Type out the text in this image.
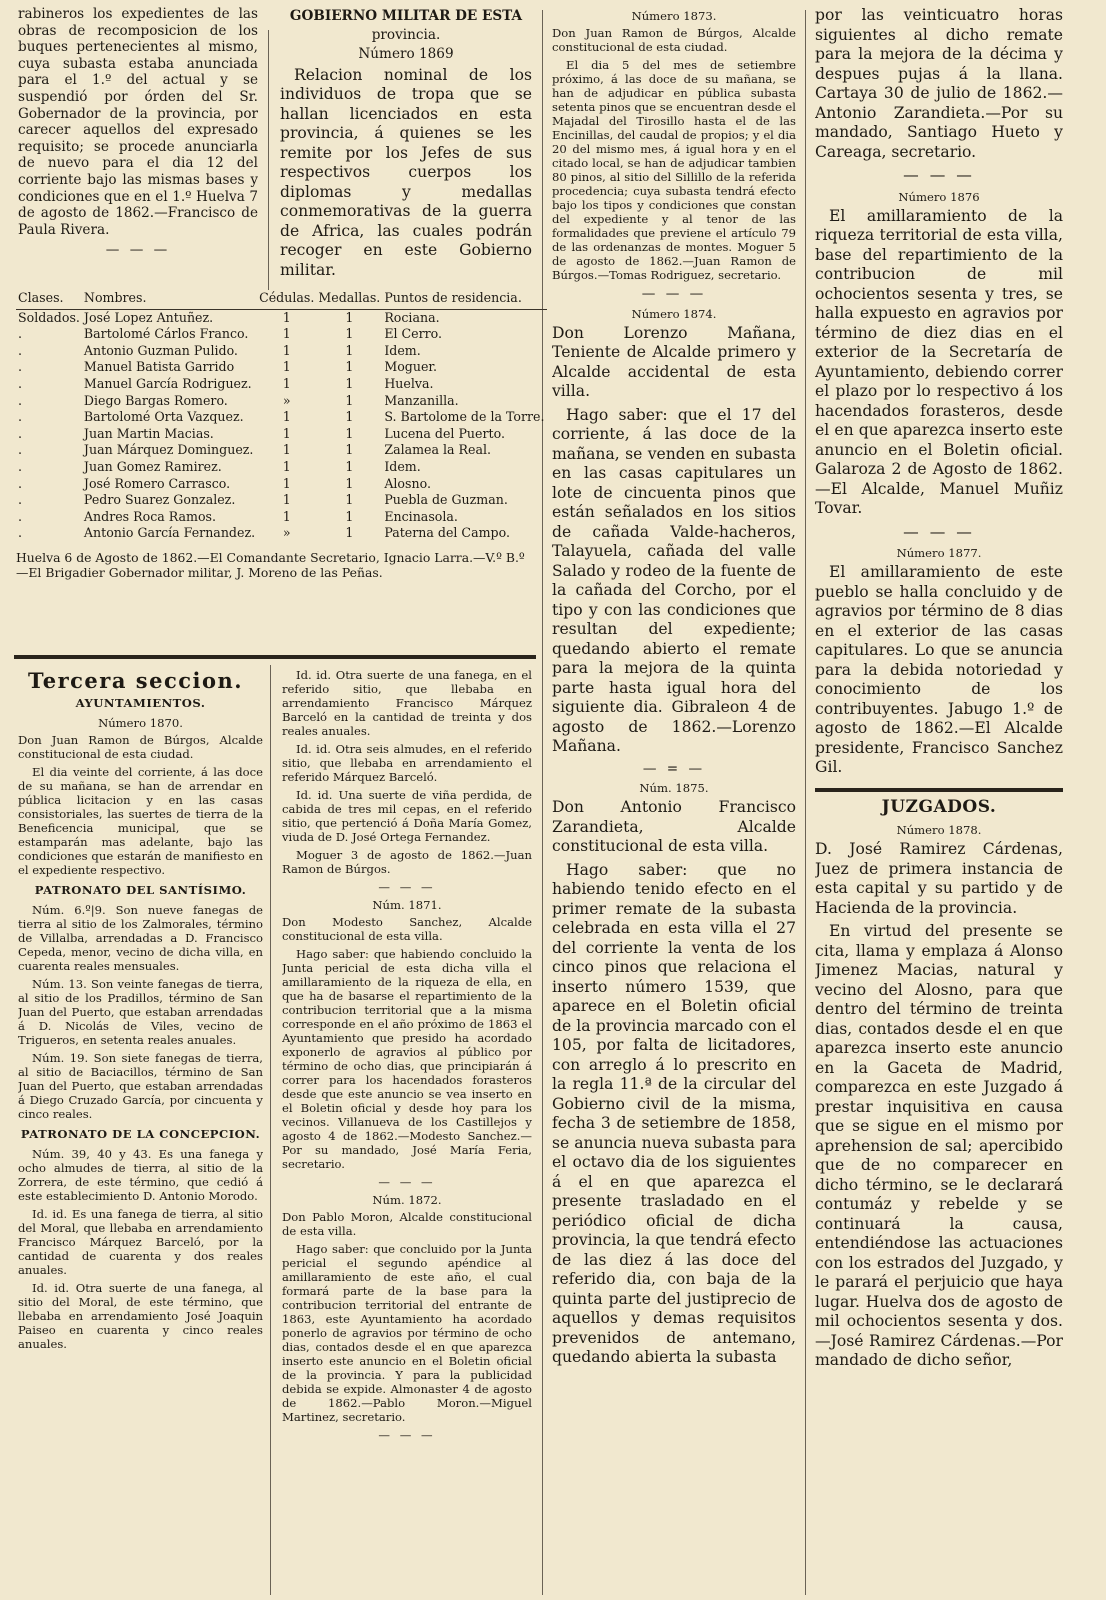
rabineros los expedientes de las obras de recomposicion de los buques pertenecientes al mismo, cuya subasta estaba anunciada para el 1.º del actual y se suspendió por órden del Sr. Gobernador de la provincia, por carecer aquellos del expresado requisito; se procede anunciarla de nuevo para el dia 12 del corriente bajo las mismas bases y condiciones que en el 1.º Huelva 7 de agosto de 1862.—Francisco de Paula Rivera.

— — —

GOBIERNO MILITAR DE ESTA
provincia.
Número 1869

Relacion nominal de los individuos de tropa que se hallan licenciados en esta provincia, á quienes se les remite por los Jefes de sus respectivos cuerpos los diplomas y medallas conmemorativas de la guerra de Africa, las cuales podrán recoger en este Gobierno militar.

Clases.	Nombres.	Cédulas.	Medallas.	Puntos de residencia.
Soldados.	José Lopez Antuñez.	1	1	Rociana.
.	Bartolomé Cárlos Franco.	1	1	El Cerro.
.	Antonio Guzman Pulido.	1	1	Idem.
.	Manuel Batista Garrido	1	1	Moguer.
.	Manuel García Rodriguez.	1	1	Huelva.
.	Diego Bargas Romero.	»	1	Manzanilla.
.	Bartolomé Orta Vazquez.	1	1	S. Bartolome de la Torre.
.	Juan Martin Macias.	1	1	Lucena del Puerto.
.	Juan Márquez Dominguez.	1	1	Zalamea la Real.
.	Juan Gomez Ramirez.	1	1	Idem.
.	José Romero Carrasco.	1	1	Alosno.
.	Pedro Suarez Gonzalez.	1	1	Puebla de Guzman.
.	Andres Roca Ramos.	1	1	Encinasola.
.	Antonio García Fernandez.	»	1	Paterna del Campo.
Huelva 6 de Agosto de 1862.—El Comandante Secretario, Ignacio Larra.—V.º B.º—El Brigadier Gobernador militar, J. Moreno de las Peñas.
Tercera seccion.
AYUNTAMIENTOS.
Número 1870.

Don Juan Ramon de Búrgos, Alcalde constitucional de esta ciudad.

El dia veinte del corriente, á las doce de su mañana, se han de arrendar en pública licitacion y en las casas consistoriales, las suertes de tierra de la Beneficencia municipal, que se estamparán mas adelante, bajo las condiciones que estarán de manifiesto en el expediente respectivo.

PATRONATO DEL SANTÍSIMO.

Núm. 6.º|9. Son nueve fanegas de tierra al sitio de los Zalmorales, término de Villalba, arrendadas a D. Francisco Cepeda, menor, vecino de dicha villa, en cuarenta reales mensuales.

Núm. 13. Son veinte fanegas de tierra, al sitio de los Pradillos, término de San Juan del Puerto, que estaban arrendadas á D. Nicolás de Viles, vecino de Trigueros, en setenta reales anuales.

Núm. 19. Son siete fanegas de tierra, al sitio de Baciacillos, término de San Juan del Puerto, que estaban arrendadas á Diego Cruzado García, por cincuenta y cinco reales.

PATRONATO DE LA CONCEPCION.

Núm. 39, 40 y 43. Es una fanega y ocho almudes de tierra, al sitio de la Zorrera, de este término, que cedió á este establecimiento D. Antonio Morodo.

Id. id. Es una fanega de tierra, al sitio del Moral, que llebaba en arrendamiento Francisco Márquez Barceló, por la cantidad de cuarenta y dos reales anuales.

Id. id. Otra suerte de una fanega, al sitio del Moral, de este término, que llebaba en arrendamiento José Joaquin Paiseo en cuarenta y cinco reales anuales.

Id. id. Otra suerte de una fanega, en el referido sitio, que llebaba en arrendamiento Francisco Márquez Barceló en la cantidad de treinta y dos reales anuales.

Id. id. Otra seis almudes, en el referido sitio, que llebaba en arrendamiento el referido Márquez Barceló.

Id. id. Una suerte de viña perdida, de cabida de tres mil cepas, en el referido sitio, que pertenció á Doña María Gomez, viuda de D. José Ortega Fernandez.

Moguer 3 de agosto de 1862.—Juan Ramon de Búrgos.

— — —

Núm. 1871.

Don Modesto Sanchez, Alcalde constitucional de esta villa.

Hago saber: que habiendo concluido la Junta pericial de esta dicha villa el amillaramiento de la riqueza de ella, en que ha de basarse el repartimiento de la contribucion territorial que a la misma corresponde en el año próximo de 1863 el Ayuntamiento que presido ha acordado exponerlo de agravios al público por término de ocho dias, que principiarán á correr para los hacendados forasteros desde que este anuncio se vea inserto en el Boletin oficial y desde hoy para los vecinos. Villanueva de los Castillejos y agosto 4 de 1862.—Modesto Sanchez.—Por su mandado, José María Feria, secretario.

— — —

Núm. 1872.

Don Pablo Moron, Alcalde constitucional de esta villa.

Hago saber: que concluido por la Junta pericial el segundo apéndice al amillaramiento de este año, el cual formará parte de la base para la contribucion territorial del entrante de 1863, este Ayuntamiento ha acordado ponerlo de agravios por término de ocho dias, contados desde el en que aparezca inserto este anuncio en el Boletin oficial de la provincia. Y para la publicidad debida se expide. Almonaster 4 de agosto de 1862.—Pablo Moron.—Miguel Martinez, secretario.

— — —

Número 1873.

Don Juan Ramon de Búrgos, Alcalde constitucional de esta ciudad.

El dia 5 del mes de setiembre próximo, á las doce de su mañana, se han de adjudicar en pública subasta setenta pinos que se encuentran desde el Majadal del Tirosillo hasta el de las Encinillas, del caudal de propios; y el dia 20 del mismo mes, á igual hora y en el citado local, se han de adjudicar tambien 80 pinos, al sitio del Sillillo de la referida procedencia; cuya subasta tendrá efecto bajo los tipos y condiciones que constan del expediente y al tenor de las formalidades que previene el artículo 79 de las ordenanzas de montes. Moguer 5 de agosto de 1862.—Juan Ramon de Búrgos.—Tomas Rodriguez, secretario.

— — —

Número 1874.

Don Lorenzo Mañana, Teniente de Alcalde primero y Alcalde accidental de esta villa.

Hago saber: que el 17 del corriente, á las doce de la mañana, se venden en subasta en las casas capitulares un lote de cincuenta pinos que están señalados en los sitios de cañada Valde-hacheros, Talayuela, cañada del valle Salado y rodeo de la fuente de la cañada del Corcho, por el tipo y con las condiciones que resultan del expediente; quedando abierto el remate para la mejora de la quinta parte hasta igual hora del siguiente dia. Gibraleon 4 de agosto de 1862.—Lorenzo Mañana.

— = —

Núm. 1875.

Don Antonio Francisco Zarandieta, Alcalde constitucional de esta villa.

Hago saber: que no habiendo tenido efecto en el primer remate de la subasta celebrada en esta villa el 27 del corriente la venta de los cinco pinos que relaciona el inserto número 1539, que aparece en el Boletin oficial de la provincia marcado con el 105, por falta de licitadores, con arreglo á lo prescrito en la regla 11.ª de la circular del Gobierno civil de la misma, fecha 3 de setiembre de 1858, se anuncia nueva subasta para el octavo dia de los siguientes á el en que aparezca el presente trasladado en el periódico oficial de dicha provincia, la que tendrá efecto de las diez á las doce del referido dia, con baja de la quinta parte del justiprecio de aquellos y demas requisitos prevenidos de antemano, quedando abierta la subasta

por las veinticuatro horas siguientes al dicho remate para la mejora de la décima y despues pujas á la llana. Cartaya 30 de julio de 1862.—Antonio Zarandieta.—Por su mandado, Santiago Hueto y Careaga, secretario.

— — —

Número 1876

El amillaramiento de la riqueza territorial de esta villa, base del repartimiento de la contribucion de mil ochocientos sesenta y tres, se halla expuesto en agravios por término de diez dias en el exterior de la Secretaría de Ayuntamiento, debiendo correr el plazo por lo respectivo á los hacendados forasteros, desde el en que aparezca inserto este anuncio en el Boletin oficial. Galaroza 2 de Agosto de 1862.—El Alcalde, Manuel Muñiz Tovar.

— — —

Número 1877.

El amillaramiento de este pueblo se halla concluido y de agravios por término de 8 dias en el exterior de las casas capitulares. Lo que se anuncia para la debida notoriedad y conocimiento de los contribuyentes. Jabugo 1.º de agosto de 1862.—El Alcalde presidente, Francisco Sanchez Gil.

JUZGADOS.
Número 1878.

D. José Ramirez Cárdenas, Juez de primera instancia de esta capital y su partido y de Hacienda de la provincia.

En virtud del presente se cita, llama y emplaza á Alonso Jimenez Macias, natural y vecino del Alosno, para que dentro del término de treinta dias, contados desde el en que aparezca inserto este anuncio en la Gaceta de Madrid, comparezca en este Juzgado á prestar inquisitiva en causa que se sigue en el mismo por aprehension de sal; apercibido que de no comparecer en dicho término, se le declarará contumáz y rebelde y se continuará la causa, entendiéndose las actuaciones con los estrados del Juzgado, y le parará el perjuicio que haya lugar. Huelva dos de agosto de mil ochocientos sesenta y dos.—José Ramirez Cárdenas.—Por mandado de dicho señor,
